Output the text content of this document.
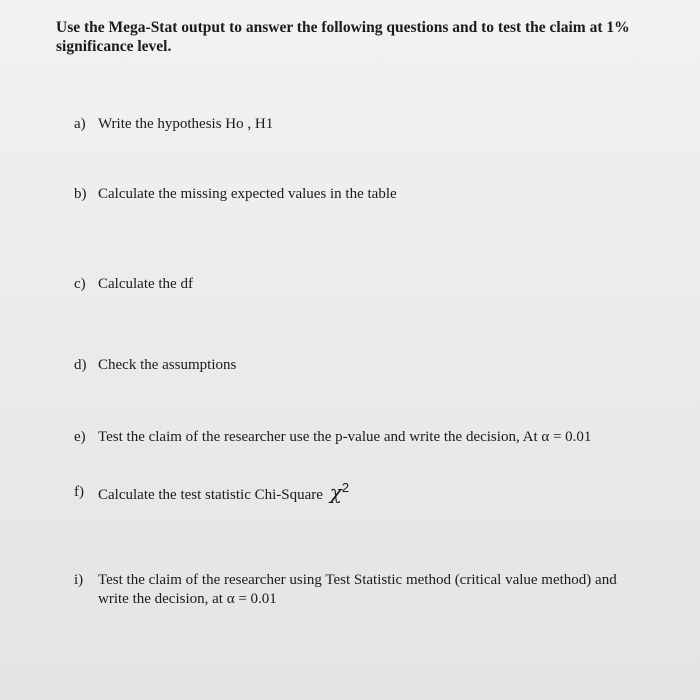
Use the Mega-Stat output to answer the following questions and to test the claim at 1%
significance level.
a) Write the hypothesis Ho , H1
b) Calculate the missing expected values in the table
c) Calculate the df
d) Check the assumptions
e) Test the claim of the researcher use the p-value and write the decision, At α = 0.01
f) Calculate the test statistic Chi-Square χ2
i) Test the claim of the researcher using Test Statistic method (critical value method) and
write the decision, at α = 0.01
